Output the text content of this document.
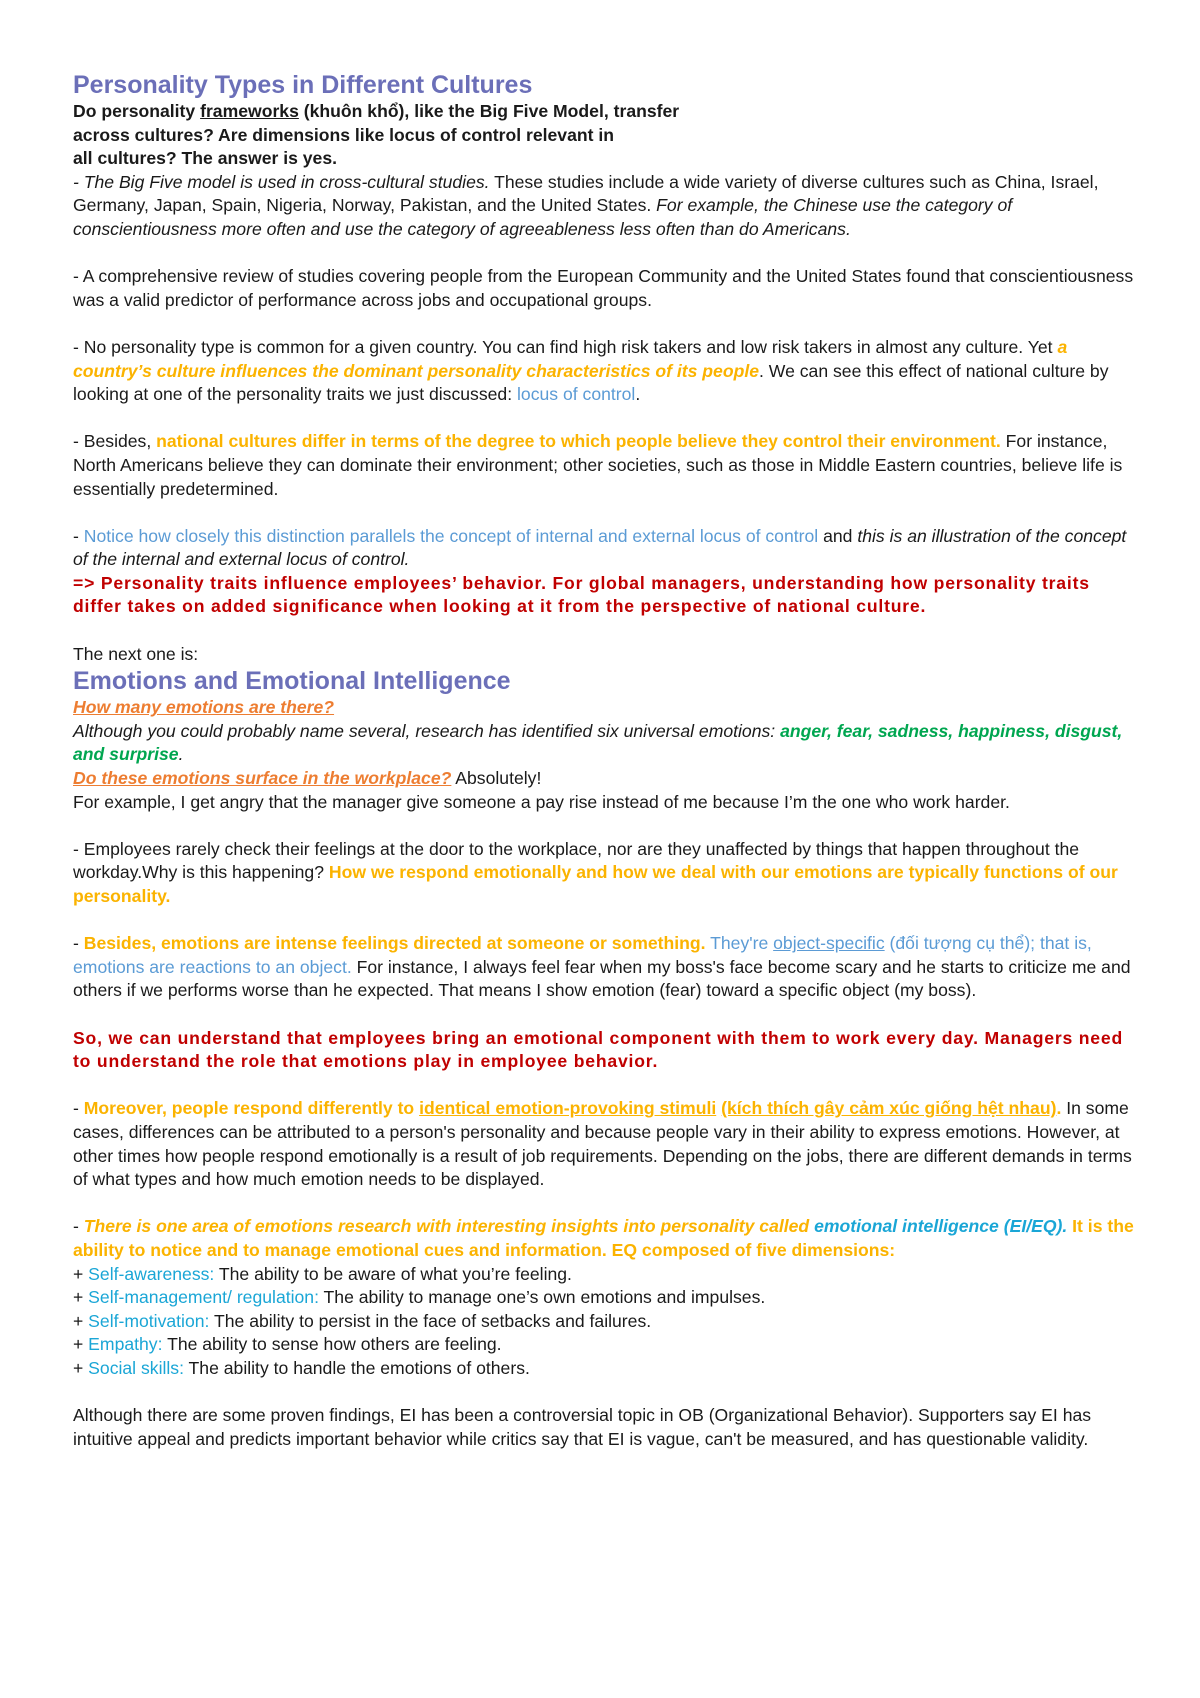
Personality Types in Different Cultures

Do personality frameworks (khuôn khổ), like the Big Five Model, transfer

across cultures? Are dimensions like locus of control relevant in

all cultures? The answer is yes.

- The Big Five model is used in cross-cultural studies. These studies include a wide variety of diverse cultures such as China, Israel, Germany, Japan, Spain, Nigeria, Norway, Pakistan, and the United States. For example, the Chinese use the category of conscientiousness more often and use the category of agreeableness less often than do Americans.

- A comprehensive review of studies covering people from the European Community and the United States found that conscientiousness was a valid predictor of performance across jobs and occupational groups.

- No personality type is common for a given country. You can find high risk takers and low risk takers in almost any culture. Yet a country’s culture influences the dominant personality characteristics of its people. We can see this effect of national culture by looking at one of the personality traits we just discussed: locus of control.

- Besides, national cultures differ in terms of the degree to which people believe they control their environment. For instance, North Americans believe they can dominate their environment; other societies, such as those in Middle Eastern countries, believe life is essentially predetermined.

- Notice how closely this distinction parallels the concept of internal and external locus of control and this is an illustration of the concept of the internal and external locus of control.

=> Personality traits influence employees’ behavior. For global managers, understanding how personality traits differ takes on added significance when looking at it from the perspective of national culture.

The next one is:

Emotions and Emotional Intelligence

How many emotions are there?

Although you could probably name several, research has identified six universal emotions: anger, fear, sadness, happiness, disgust, and surprise.

Do these emotions surface in the workplace? Absolutely!

For example, I get angry that the manager give someone a pay rise instead of me because I’m the one who work harder.

- Employees rarely check their feelings at the door to the workplace, nor are they unaffected by things that happen throughout the workday.Why is this happening? How we respond emotionally and how we deal with our emotions are typically functions of our personality.

- Besides, emotions are intense feelings directed at someone or something. They're object-specific (đối tượng cụ thể); that is, emotions are reactions to an object. For instance, I always feel fear when my boss's face become scary and he starts to criticize me and others if we performs worse than he expected. That means I show emotion (fear) toward a specific object (my boss).

So, we can understand that employees bring an emotional component with them to work every day. Managers need to understand the role that emotions play in employee behavior.

- Moreover, people respond differently to identical emotion-provoking stimuli (kích thích gây cảm xúc giống hệt nhau). In some cases, differences can be attributed to a person's personality and because people vary in their ability to express emotions. However, at other times how people respond emotionally is a result of job requirements. Depending on the jobs, there are different demands in terms of what types and how much emotion needs to be displayed.

- There is one area of emotions research with interesting insights into personality called emotional intelligence (EI/EQ). It is the ability to notice and to manage emotional cues and information. EQ composed of five dimensions:

+ Self-awareness: The ability to be aware of what you’re feeling.

+ Self-management/ regulation: The ability to manage one’s own emotions and impulses.

+ Self-motivation: The ability to persist in the face of setbacks and failures.

+ Empathy: The ability to sense how others are feeling.

+ Social skills: The ability to handle the emotions of others.

Although there are some proven findings, EI has been a controversial topic in OB (Organizational Behavior). Supporters say EI has intuitive appeal and predicts important behavior while critics say that EI is vague, can't be measured, and has questionable validity.
